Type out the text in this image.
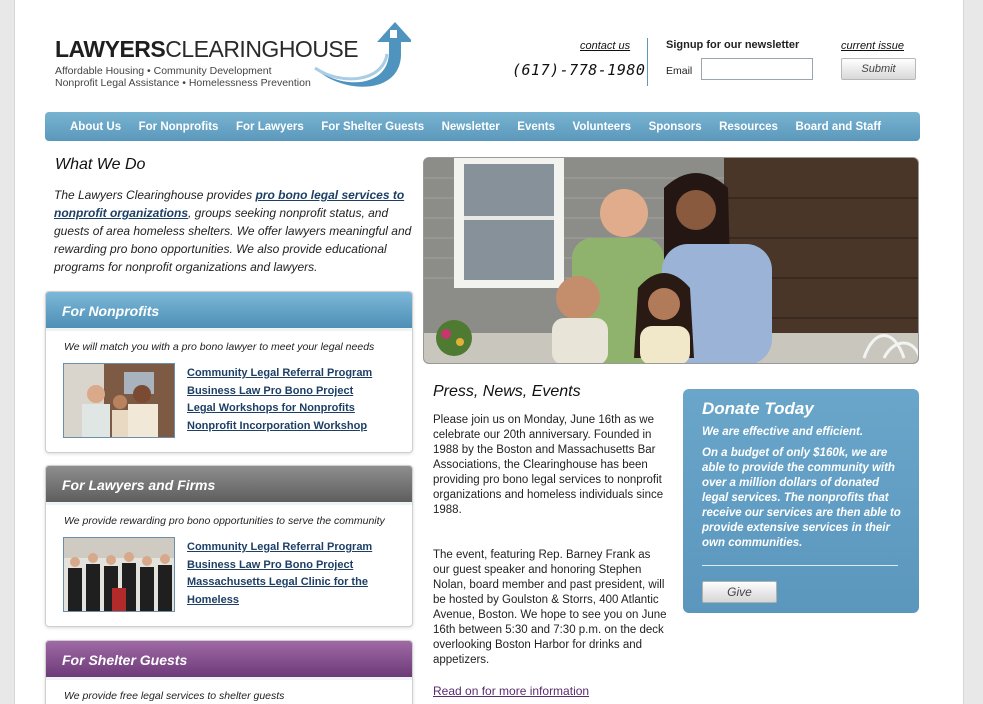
LAWYERSCLEARINGHOUSE
Affordable Housing • Community Development
Nonprofit Legal Assistance • Homelessness Prevention
contact us
(617)-778-1980
Signup for our newsletter
Email
current issue
Submit
About Us For Nonprofits For Lawyers For Shelter Guests Newsletter Events Volunteers Sponsors Resources Board and Staff
What We Do
The Lawyers Clearinghouse provides pro bono legal services to nonprofit organizations, groups seeking nonprofit status, and guests of area homeless shelters. We offer lawyers meaningful and rewarding pro bono opportunities. We also provide educational programs for nonprofit organizations and lawyers.
For Nonprofits
We will match you with a pro bono lawyer to meet your legal needs
Community Legal Referral Program
Business Law Pro Bono Project
Legal Workshops for Nonprofits
Nonprofit Incorporation Workshop
For Lawyers and Firms
We provide rewarding pro bono opportunities to serve the community
Community Legal Referral Program
Business Law Pro Bono Project
Massachusetts Legal Clinic for the Homeless
For Shelter Guests
We provide free legal services to shelter guests
Press, News, Events
Please join us on Monday, June 16th as we celebrate our 20th anniversary. Founded in 1988 by the Boston and Massachusetts Bar Associations, the Clearinghouse has been providing pro bono legal services to nonprofit organizations and homeless individuals since 1988.
The event, featuring Rep. Barney Frank as our guest speaker and honoring Stephen Nolan, board member and past president, will be hosted by Goulston & Storrs, 400 Atlantic Avenue, Boston. We hope to see you on June 16th between 5:30 and 7:30 p.m. on the deck overlooking Boston Harbor for drinks and appetizers.
Read on for more information
Donate Today
We are effective and efficient.
On a budget of only $160k, we are able to provide the community with over a million dollars of donated legal services. The nonprofits that receive our services are then able to provide extensive services in their own communities.
Give
